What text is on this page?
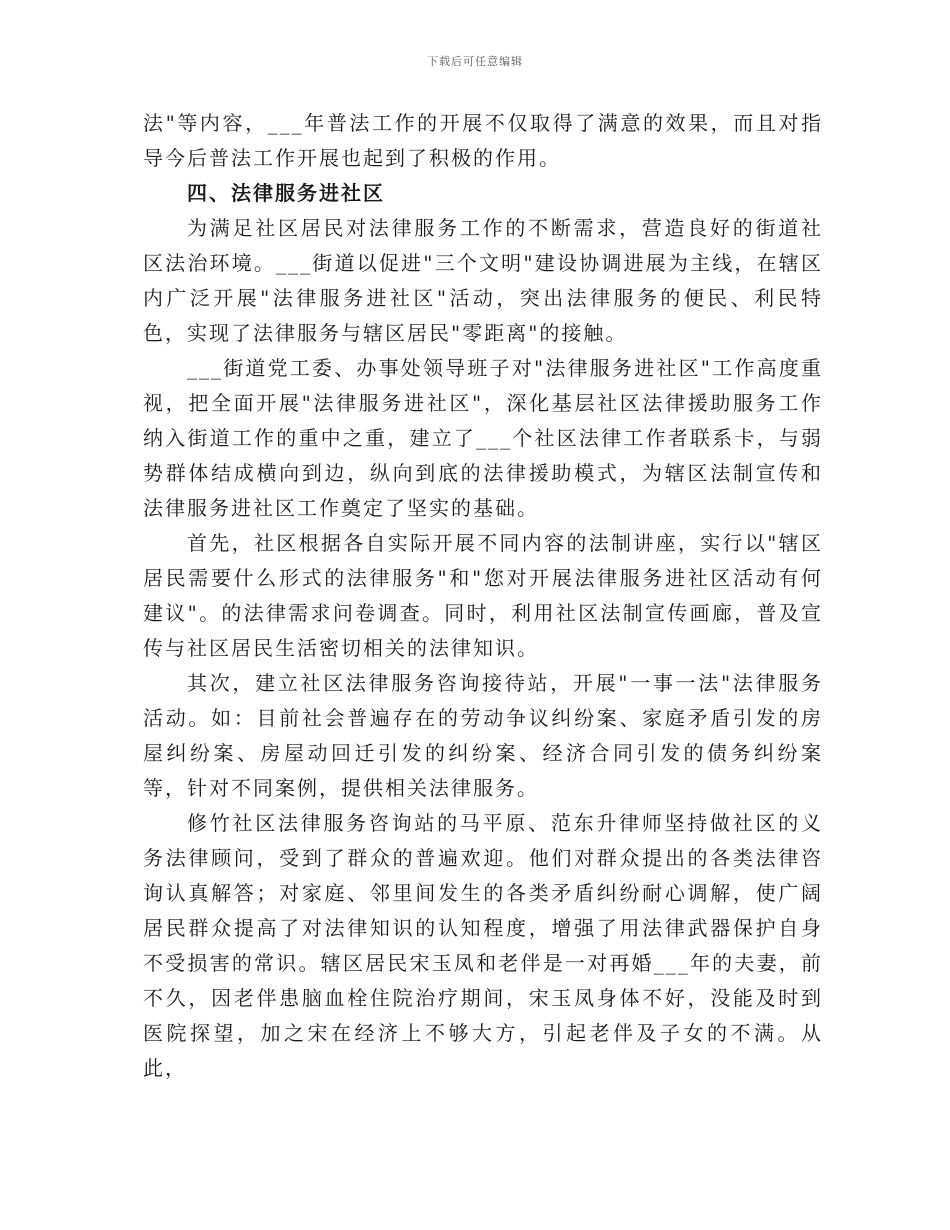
下载后可任意编辑

法"等内容，___年普法工作的开展不仅取得了满意的效果，而且对指导今后普法工作开展也起到了积极的作用。

四、法律服务进社区

为满足社区居民对法律服务工作的不断需求，营造良好的街道社区法治环境。___街道以促进"三个文明"建设协调进展为主线，在辖区内广泛开展"法律服务进社区"活动，突出法律服务的便民、利民特色，实现了法律服务与辖区居民"零距离"的接触。

___街道党工委、办事处领导班子对"法律服务进社区"工作高度重视，把全面开展"法律服务进社区"，深化基层社区法律援助服务工作纳入街道工作的重中之重，建立了___个社区法律工作者联系卡，与弱势群体结成横向到边，纵向到底的法律援助模式，为辖区法制宣传和法律服务进社区工作奠定了坚实的基础。

首先，社区根据各自实际开展不同内容的法制讲座，实行以"辖区居民需要什么形式的法律服务"和"您对开展法律服务进社区活动有何建议"。的法律需求问卷调查。同时，利用社区法制宣传画廊，普及宣传与社区居民生活密切相关的法律知识。

其次，建立社区法律服务咨询接待站，开展"一事一法"法律服务活动。如：目前社会普遍存在的劳动争议纠纷案、家庭矛盾引发的房屋纠纷案、房屋动回迁引发的纠纷案、经济合同引发的债务纠纷案等，针对不同案例，提供相关法律服务。

修竹社区法律服务咨询站的马平原、范东升律师坚持做社区的义务法律顾问，受到了群众的普遍欢迎。他们对群众提出的各类法律咨询认真解答；对家庭、邻里间发生的各类矛盾纠纷耐心调解，使广阔居民群众提高了对法律知识的认知程度，增强了用法律武器保护自身不受损害的常识。辖区居民宋玉凤和老伴是一对再婚___年的夫妻，前不久，因老伴患脑血栓住院治疗期间，宋玉凤身体不好，没能及时到医院探望，加之宋在经济上不够大方，引起老伴及子女的不满。从此，
